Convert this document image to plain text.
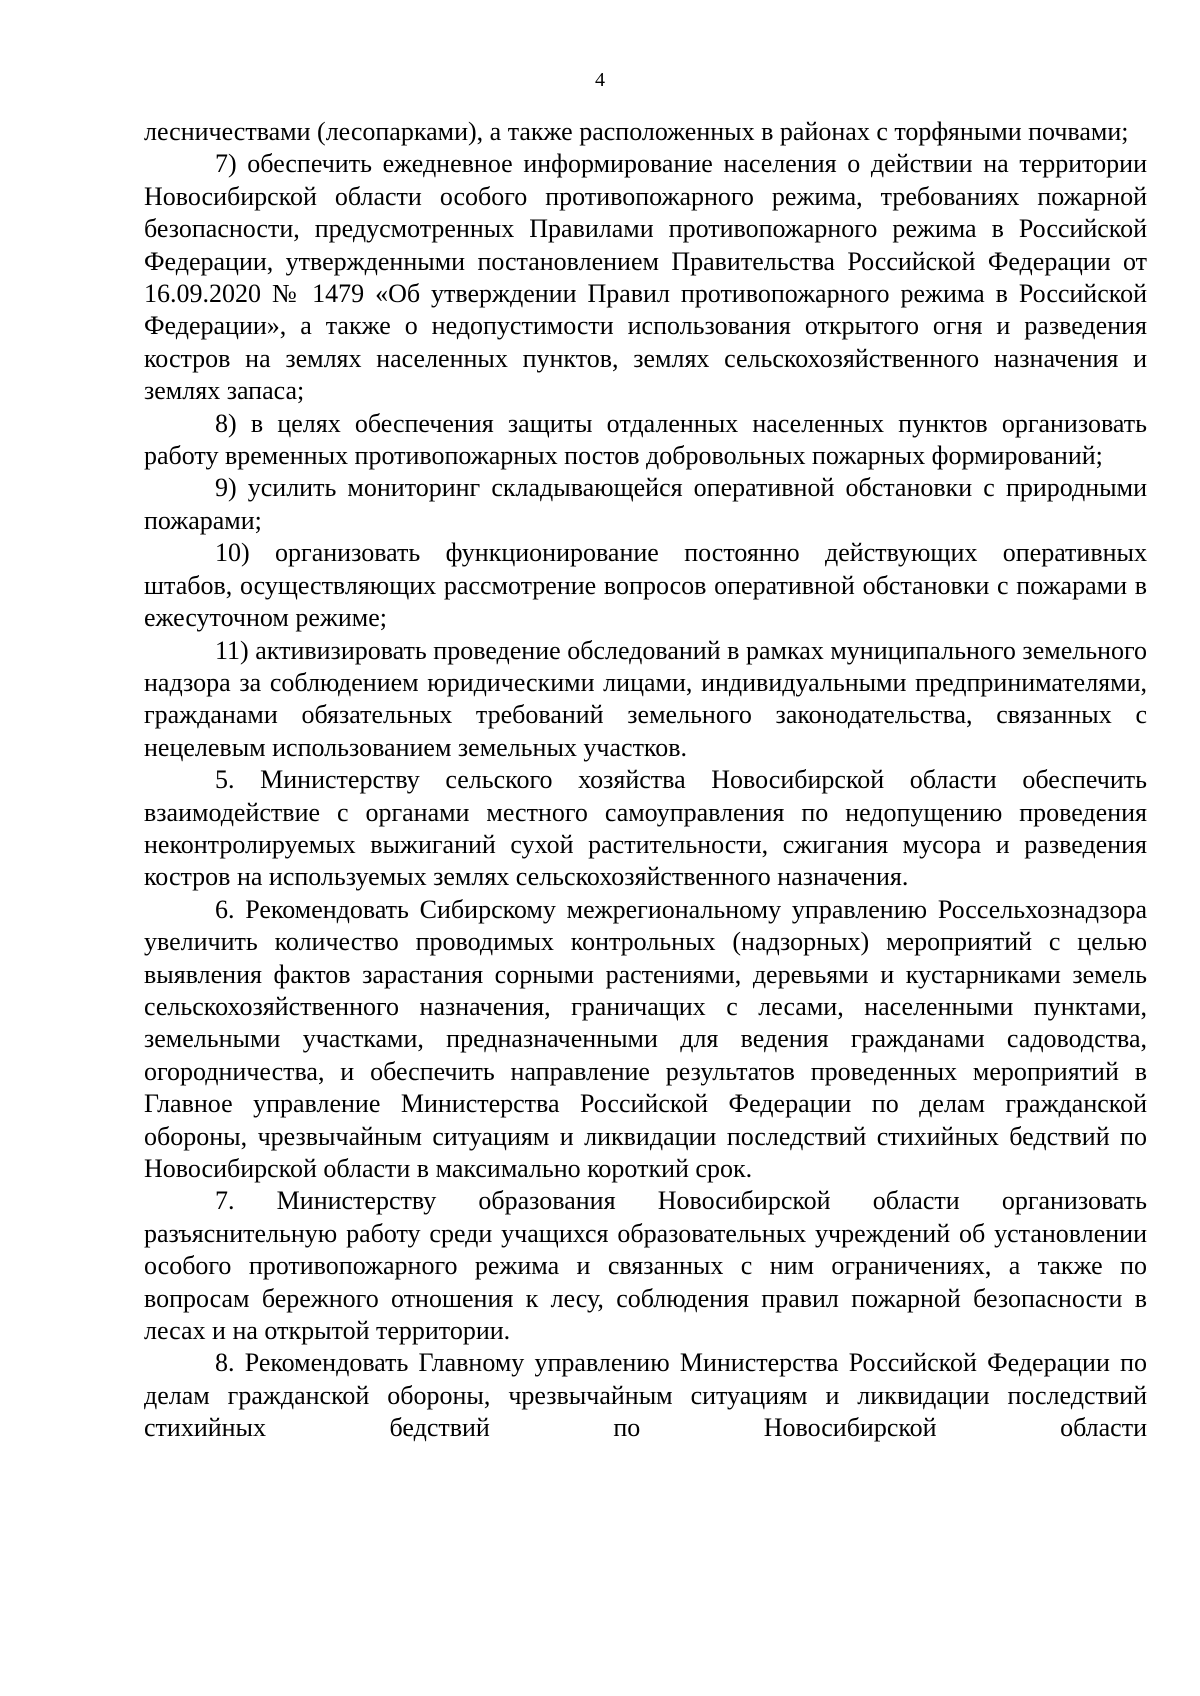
4

лесничествами (лесопарками), а также расположенных в районах с торфяными почвами;

7) обеспечить ежедневное информирование населения о действии на территории Новосибирской области особого противопожарного режима, требованиях пожарной безопасности, предусмотренных Правилами противопожарного режима в Российской Федерации, утвержденными постановлением Правительства Российской Федерации от 16.09.2020 № 1479 «Об утверждении Правил противопожарного режима в Российской Федерации», а также о недопустимости использования открытого огня и разведения костров на землях населенных пунктов, землях сельскохозяйственного назначения и землях запаса;

8) в целях обеспечения защиты отдаленных населенных пунктов организовать работу временных противопожарных постов добровольных пожарных формирований;

9) усилить мониторинг складывающейся оперативной обстановки с природными пожарами;

10) организовать функционирование постоянно действующих оперативных штабов, осуществляющих рассмотрение вопросов оперативной обстановки с пожарами в ежесуточном режиме;

11) активизировать проведение обследований в рамках муниципального земельного надзора за соблюдением юридическими лицами, индивидуальными предпринимателями, гражданами обязательных требований земельного законодательства, связанных с нецелевым использованием земельных участков.

5. Министерству сельского хозяйства Новосибирской области обеспечить взаимодействие с органами местного самоуправления по недопущению проведения неконтролируемых выжиганий сухой растительности, сжигания мусора и разведения костров на используемых землях сельскохозяйственного назначения.

6. Рекомендовать Сибирскому межрегиональному управлению Россельхознадзора увеличить количество проводимых контрольных (надзорных) мероприятий с целью выявления фактов зарастания сорными растениями, деревьями и кустарниками земель сельскохозяйственного назначения, граничащих с лесами, населенными пунктами, земельными участками, предназначенными для ведения гражданами садоводства, огородничества, и обеспечить направление результатов проведенных мероприятий в Главное управление Министерства Российской Федерации по делам гражданской обороны, чрезвычайным ситуациям и ликвидации последствий стихийных бедствий по Новосибирской области в максимально короткий срок.

7. Министерству образования Новосибирской области организовать разъяснительную работу среди учащихся образовательных учреждений об установлении особого противопожарного режима и связанных с ним ограничениях, а также по вопросам бережного отношения к лесу, соблюдения правил пожарной безопасности в лесах и на открытой территории.

8. Рекомендовать Главному управлению Министерства Российской Федерации по делам гражданской обороны, чрезвычайным ситуациям и ликвидации последствий стихийных бедствий по Новосибирской области
